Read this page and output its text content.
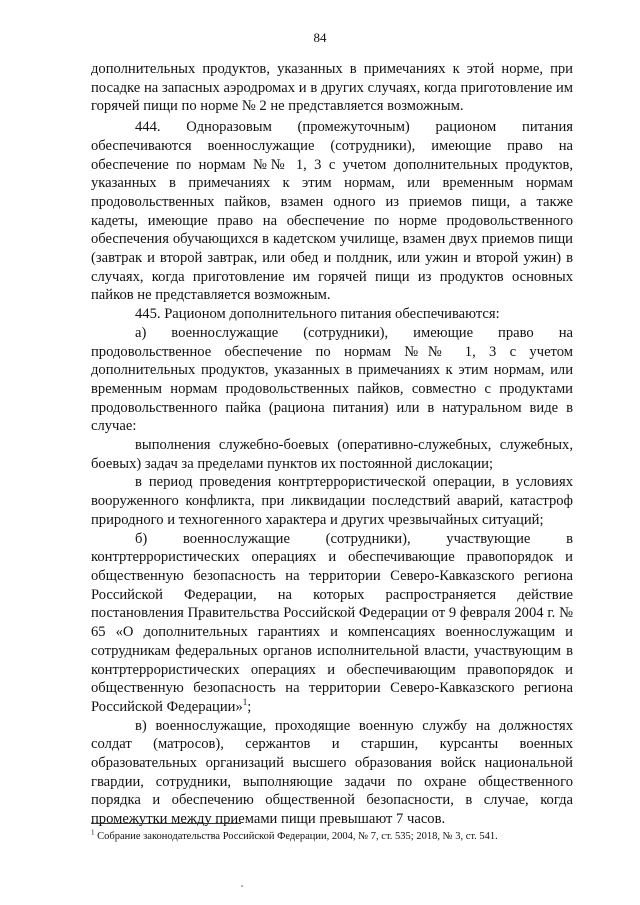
84

дополнительных продуктов, указанных в примечаниях к этой норме, при посадке на запасных аэродромах и в других случаях, когда приготовление им горячей пищи по норме № 2 не представляется возможным.

444. Одноразовым (промежуточным) рационом питания обеспечиваются военнослужащие (сотрудники), имеющие право на обеспечение по нормам №№ 1, 3 с учетом дополнительных продуктов, указанных в примечаниях к этим нормам, или временным нормам продовольственных пайков, взамен одного из приемов пищи, а также кадеты, имеющие право на обеспечение по норме продовольственного обеспечения обучающихся в кадетском училище, взамен двух приемов пищи (завтрак и второй завтрак, или обед и полдник, или ужин и второй ужин) в случаях, когда приготовление им горячей пищи из продуктов основных пайков не представляется возможным.

445. Рационом дополнительного питания обеспечиваются:

а) военнослужащие (сотрудники), имеющие право на продовольственное обеспечение по нормам №№ 1, 3 с учетом дополнительных продуктов, указанных в примечаниях к этим нормам, или временным нормам продовольственных пайков, совместно с продуктами продовольственного пайка (рациона питания) или в натуральном виде в случае:

выполнения служебно-боевых (оперативно-служебных, служебных, боевых) задач за пределами пунктов их постоянной дислокации;

в период проведения контртеррористической операции, в условиях вооруженного конфликта, при ликвидации последствий аварий, катастроф природного и техногенного характера и других чрезвычайных ситуаций;

б) военнослужащие (сотрудники), участвующие в контртеррористических операциях и обеспечивающие правопорядок и общественную безопасность на территории Северо-Кавказского региона Российской Федерации, на которых распространяется действие постановления Правительства Российской Федерации от 9 февраля 2004 г. № 65 «О дополнительных гарантиях и компенсациях военнослужащим и сотрудникам федеральных органов исполнительной власти, участвующим в контртеррористических операциях и обеспечивающим правопорядок и общественную безопасность на территории Северо-Кавказского региона Российской Федерации»$^1$;

в) военнослужащие, проходящие военную службу на должностях солдат (матросов), сержантов и старшин, курсанты военных образовательных организаций высшего образования войск национальной гвардии, сотрудники, выполняющие задачи по охране общественного порядка и обеспечению общественной безопасности, в случае, когда промежутки между приемами пищи превышают 7 часов.

$^1$ Собрание законодательства Российской Федерации, 2004, № 7, ст. 535; 2018, № 3, ст. 541.
